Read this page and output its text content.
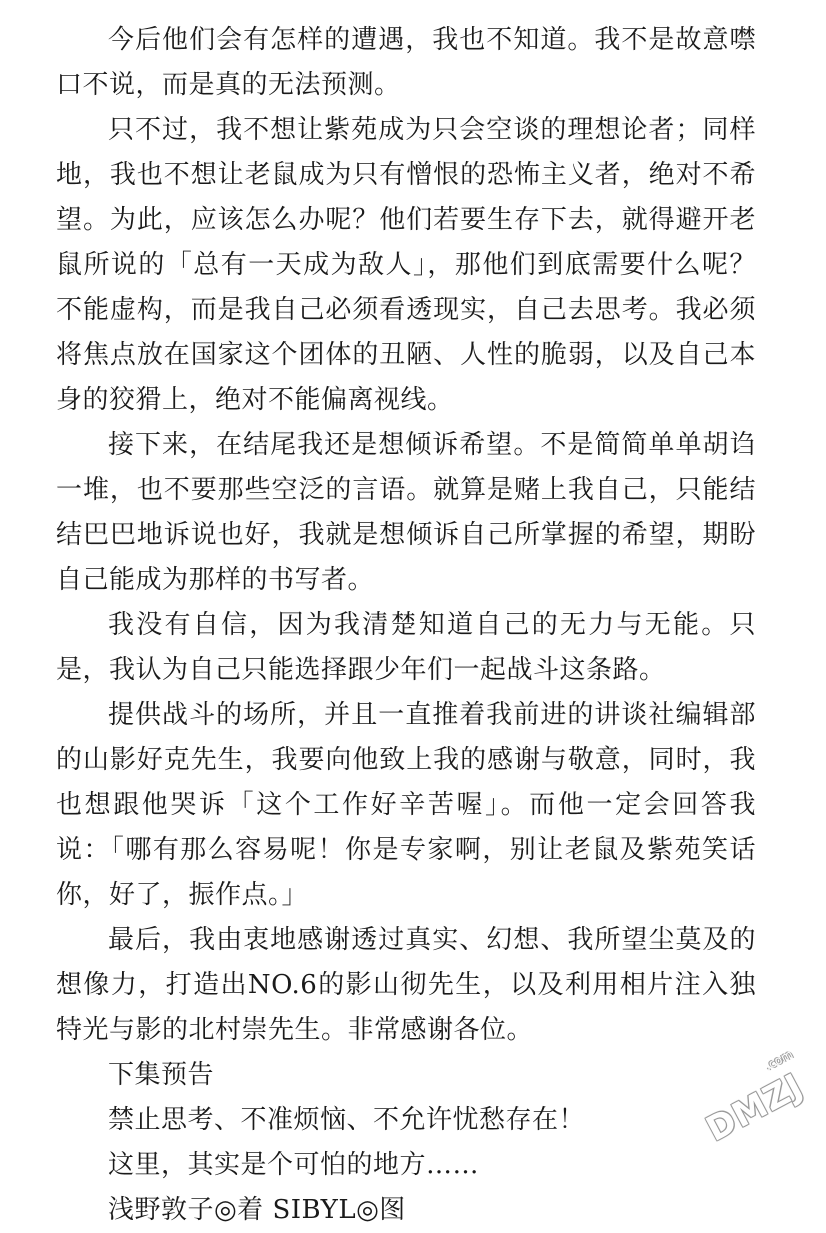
今后他们会有怎样的遭遇，我也不知道。我不是故意噤口不说，而是真的无法预测。

只不过，我不想让紫苑成为只会空谈的理想论者；同样地，我也不想让老鼠成为只有憎恨的恐怖主义者，绝对不希望。为此，应该怎么办呢？他们若要生存下去，就得避开老鼠所说的「总有一天成为敌人」，那他们到底需要什么呢？不能虚构，而是我自己必须看透现实，自己去思考。我必须将焦点放在国家这个团体的丑陋、人性的脆弱，以及自己本身的狡猾上，绝对不能偏离视线。

接下来，在结尾我还是想倾诉希望。不是简简单单胡诌一堆，也不要那些空泛的言语。就算是赌上我自己，只能结结巴巴地诉说也好，我就是想倾诉自己所掌握的希望，期盼自己能成为那样的书写者。

我没有自信，因为我清楚知道自己的无力与无能。只是，我认为自己只能选择跟少年们一起战斗这条路。

提供战斗的场所，并且一直推着我前进的讲谈社编辑部的山影好克先生，我要向他致上我的感谢与敬意，同时，我也想跟他哭诉「这个工作好辛苦喔」。而他一定会回答我说：「哪有那么容易呢！你是专家啊，别让老鼠及紫苑笑话你，好了，振作点。」

最后，我由衷地感谢透过真实、幻想、我所望尘莫及的想像力，打造出NO.6的影山彻先生，以及利用相片注入独特光与影的北村崇先生。非常感谢各位。

下集预告

禁止思考、不准烦恼、不允许忧愁存在！

这里，其实是个可怕的地方……

浅野敦子◎着 SIBYL◎图

DMZJ
.com
